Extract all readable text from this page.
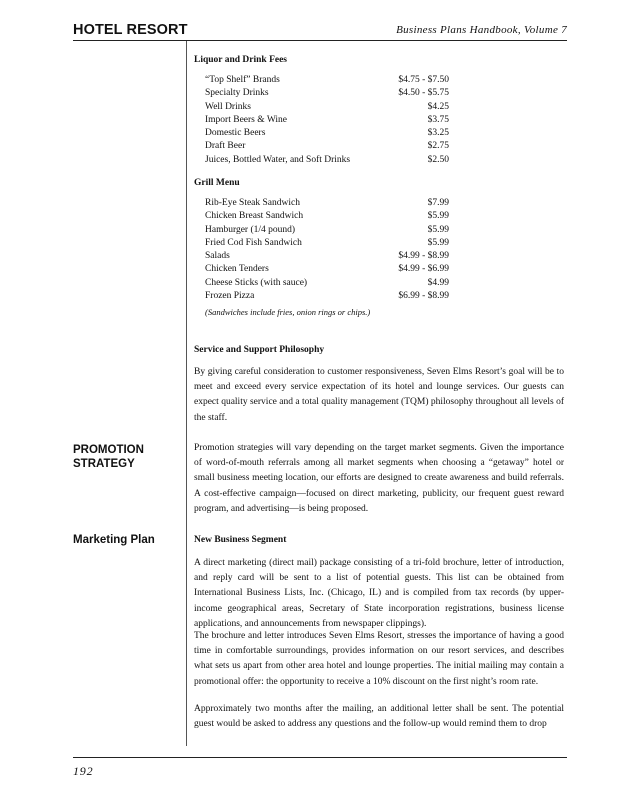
HOTEL RESORT	Business Plans Handbook, Volume 7
Liquor and Drink Fees
“Top Shelf” Brands	$4.75 - $7.50
Specialty Drinks	$4.50 - $5.75
Well Drinks	$4.25
Import Beers & Wine	$3.75
Domestic Beers	$3.25
Draft Beer	$2.75
Juices, Bottled Water, and Soft Drinks	$2.50
Grill Menu
Rib-Eye Steak Sandwich	$7.99
Chicken Breast Sandwich	$5.99
Hamburger (1/4 pound)	$5.99
Fried Cod Fish Sandwich	$5.99
Salads	$4.99 - $8.99
Chicken Tenders	$4.99 - $6.99
Cheese Sticks (with sauce)	$4.99
Frozen Pizza	$6.99 - $8.99
(Sandwiches include fries, onion rings or chips.)
Service and Support Philosophy

By giving careful consideration to customer responsiveness, Seven Elms Resort’s goal will be to meet and exceed every service expectation of its hotel and lounge services. Our guests can expect quality service and a total quality management (TQM) philosophy throughout all levels of the staff.

PROMOTION
STRATEGY

Promotion strategies will vary depending on the target market segments. Given the importance of word-of-mouth referrals among all market segments when choosing a “getaway” hotel or small business meeting location, our efforts are designed to create awareness and build referrals. A cost-effective campaign—focused on direct marketing, publicity, our frequent guest reward program, and advertising—is being proposed.

Marketing Plan	New Business Segment

A direct marketing (direct mail) package consisting of a tri-fold brochure, letter of introduction, and reply card will be sent to a list of potential guests. This list can be obtained from International Business Lists, Inc. (Chicago, IL) and is compiled from tax records (by upper-income geographical areas, Secretary of State incorporation registrations, business license applications, and announcements from newspaper clippings).

The brochure and letter introduces Seven Elms Resort, stresses the importance of having a good time in comfortable surroundings, provides information on our resort services, and describes what sets us apart from other area hotel and lounge properties. The initial mailing may contain a promotional offer: the opportunity to receive a 10% discount on the first night’s room rate.

Approximately two months after the mailing, an additional letter shall be sent. The potential guest would be asked to address any questions and the follow-up would remind them to drop

192
